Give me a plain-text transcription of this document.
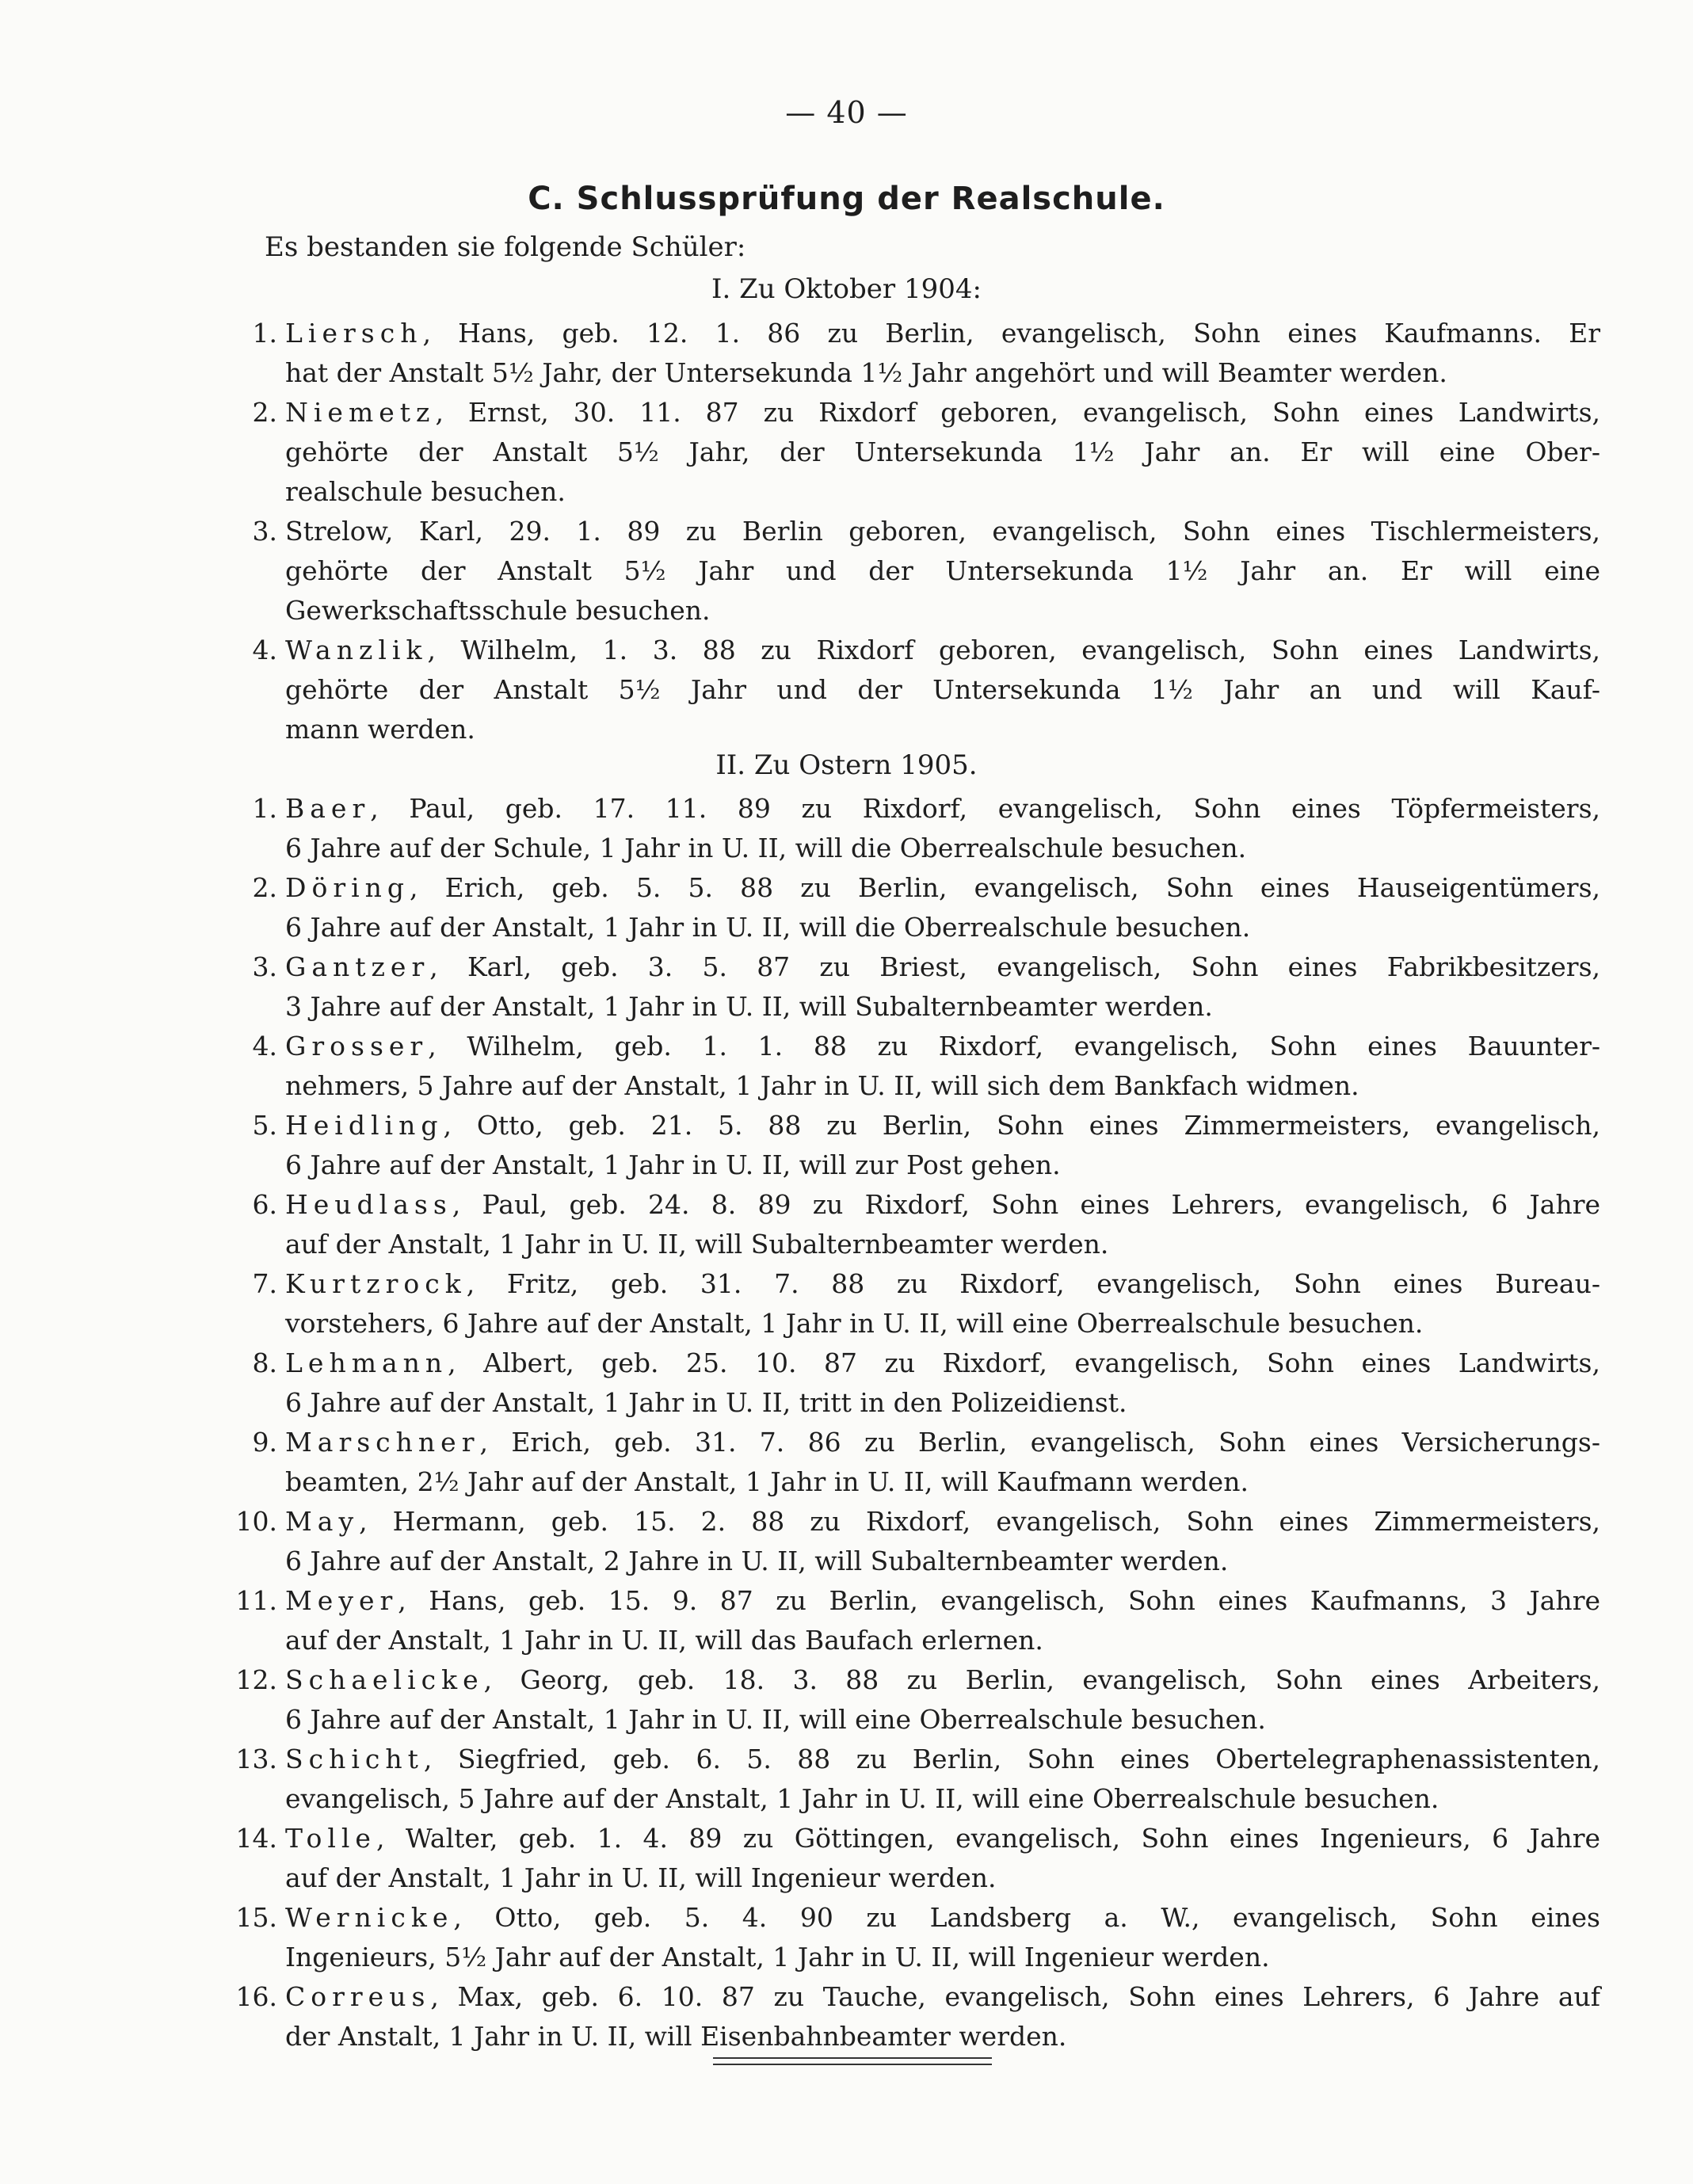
— 40 —
C. Schlussprüfung der Realschule.
Es bestanden sie folgende Schüler:
I. Zu Oktober 1904:
1. Liersch, Hans, geb. 12. 1. 86 zu Berlin, evangelisch, Sohn eines Kaufmanns. Er
hat der Anstalt 5½ Jahr, der Untersekunda 1½ Jahr angehört und will Beamter werden.
2. Niemetz, Ernst, 30. 11. 87 zu Rixdorf geboren, evangelisch, Sohn eines Landwirts,
gehörte der Anstalt 5½ Jahr, der Untersekunda 1½ Jahr an. Er will eine Ober-
realschule besuchen.
3. Strelow, Karl, 29. 1. 89 zu Berlin geboren, evangelisch, Sohn eines Tischlermeisters,
gehörte der Anstalt 5½ Jahr und der Untersekunda 1½ Jahr an. Er will eine
Gewerkschaftsschule besuchen.
4. Wanzlik, Wilhelm, 1. 3. 88 zu Rixdorf geboren, evangelisch, Sohn eines Landwirts,
gehörte der Anstalt 5½ Jahr und der Untersekunda 1½ Jahr an und will Kauf-
mann werden.
II. Zu Ostern 1905.
1. Baer, Paul, geb. 17. 11. 89 zu Rixdorf, evangelisch, Sohn eines Töpfermeisters,
6 Jahre auf der Schule, 1 Jahr in U. II, will die Oberrealschule besuchen.
2. Döring, Erich, geb. 5. 5. 88 zu Berlin, evangelisch, Sohn eines Hauseigentümers,
6 Jahre auf der Anstalt, 1 Jahr in U. II, will die Oberrealschule besuchen.
3. Gantzer, Karl, geb. 3. 5. 87 zu Briest, evangelisch, Sohn eines Fabrikbesitzers,
3 Jahre auf der Anstalt, 1 Jahr in U. II, will Subalternbeamter werden.
4. Grosser, Wilhelm, geb. 1. 1. 88 zu Rixdorf, evangelisch, Sohn eines Bauunter-
nehmers, 5 Jahre auf der Anstalt, 1 Jahr in U. II, will sich dem Bankfach widmen.
5. Heidling, Otto, geb. 21. 5. 88 zu Berlin, Sohn eines Zimmermeisters, evangelisch,
6 Jahre auf der Anstalt, 1 Jahr in U. II, will zur Post gehen.
6. Heudlass, Paul, geb. 24. 8. 89 zu Rixdorf, Sohn eines Lehrers, evangelisch, 6 Jahre
auf der Anstalt, 1 Jahr in U. II, will Subalternbeamter werden.
7. Kurtzrock, Fritz, geb. 31. 7. 88 zu Rixdorf, evangelisch, Sohn eines Bureau-
vorstehers, 6 Jahre auf der Anstalt, 1 Jahr in U. II, will eine Oberrealschule besuchen.
8. Lehmann, Albert, geb. 25. 10. 87 zu Rixdorf, evangelisch, Sohn eines Landwirts,
6 Jahre auf der Anstalt, 1 Jahr in U. II, tritt in den Polizeidienst.
9. Marschner, Erich, geb. 31. 7. 86 zu Berlin, evangelisch, Sohn eines Versicherungs-
beamten, 2½ Jahr auf der Anstalt, 1 Jahr in U. II, will Kaufmann werden.
10. May, Hermann, geb. 15. 2. 88 zu Rixdorf, evangelisch, Sohn eines Zimmermeisters,
6 Jahre auf der Anstalt, 2 Jahre in U. II, will Subalternbeamter werden.
11. Meyer, Hans, geb. 15. 9. 87 zu Berlin, evangelisch, Sohn eines Kaufmanns, 3 Jahre
auf der Anstalt, 1 Jahr in U. II, will das Baufach erlernen.
12. Schaelicke, Georg, geb. 18. 3. 88 zu Berlin, evangelisch, Sohn eines Arbeiters,
6 Jahre auf der Anstalt, 1 Jahr in U. II, will eine Oberrealschule besuchen.
13. Schicht, Siegfried, geb. 6. 5. 88 zu Berlin, Sohn eines Obertelegraphenassistenten,
evangelisch, 5 Jahre auf der Anstalt, 1 Jahr in U. II, will eine Oberrealschule besuchen.
14. Tolle, Walter, geb. 1. 4. 89 zu Göttingen, evangelisch, Sohn eines Ingenieurs, 6 Jahre
auf der Anstalt, 1 Jahr in U. II, will Ingenieur werden.
15. Wernicke, Otto, geb. 5. 4. 90 zu Landsberg a. W., evangelisch, Sohn eines
Ingenieurs, 5½ Jahr auf der Anstalt, 1 Jahr in U. II, will Ingenieur werden.
16. Correus, Max, geb. 6. 10. 87 zu Tauche, evangelisch, Sohn eines Lehrers, 6 Jahre auf
der Anstalt, 1 Jahr in U. II, will Eisenbahnbeamter werden.
